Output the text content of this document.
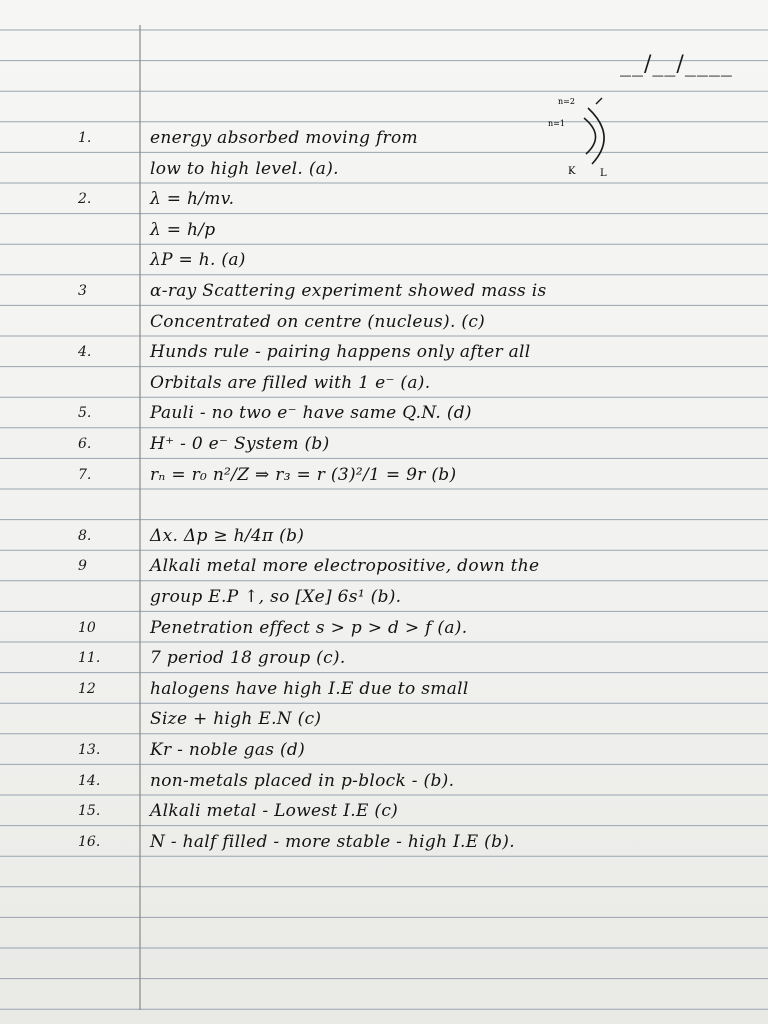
__/__/____
n=2
n=1
K L
1.	energy absorbed moving from
low to high level. (a).
2.	λ = h/mv.
λ = h/p
λP = h. (a)
3	α-ray Scattering experiment showed mass is
Concentrated on centre (nucleus). (c)
4.	Hunds rule - pairing happens only after all
Orbitals are filled with 1 e⁻ (a).
5.	Pauli - no two e⁻ have same Q.N. (d)
6.	H⁺ - 0 e⁻ System (b)
7.	rₙ = r₀ n²/Z ⇒ r₃ = r (3)²/1 = 9r (b)
8.	Δx. Δp ≥ h/4π (b)
9	Alkali metal more electropositive, down the
group E.P ↑, so [Xe] 6s¹ (b).
10	Penetration effect s > p > d > f (a).
11.	7 period 18 group (c).
12	halogens have high I.E due to small
Size + high E.N (c)
13.	Kr - noble gas (d)
14.	non-metals placed in p-block - (b).
15.	Alkali metal - Lowest I.E (c)
16.	N - half filled - more stable - high I.E (b).
